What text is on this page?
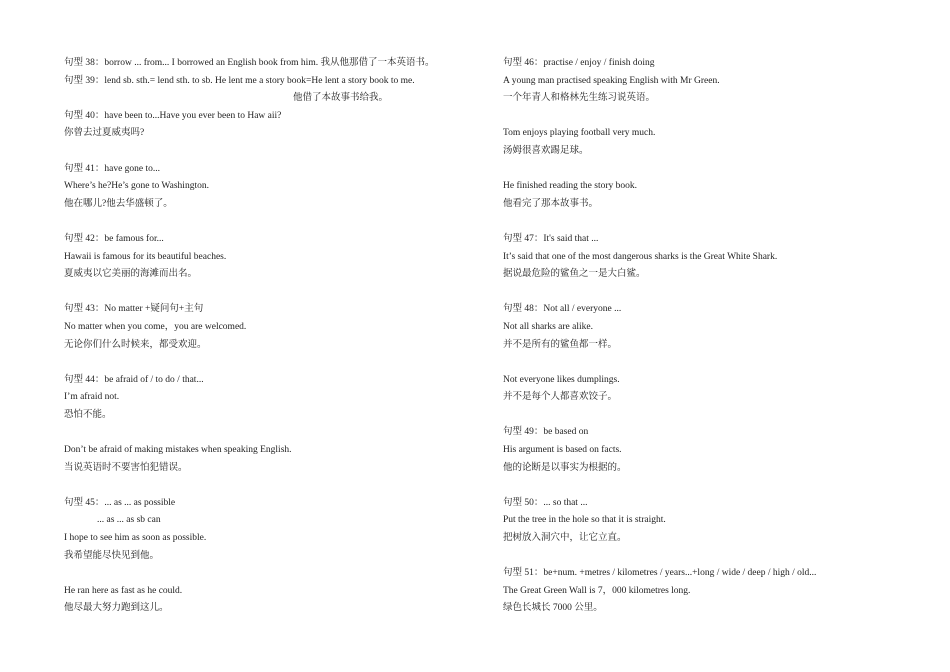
句型 38：borrow ... from... I borrowed an English book from him. 我从他那借了一本英语书。
句型 39：lend sb. sth.= lend sth. to sb. He lent me a story book=He lent a story book to me.
他借了本故事书给我。
句型 40：have been to...Have you ever been to Haw aii?
你曾去过夏威夷吗?
句型 41：have gone to...
Where’s he?He’s gone to Washington.
他在哪儿?他去华盛顿了。
句型 42：be famous for...
Hawaii is famous for its beautiful beaches.
夏威夷以它美丽的海滩而出名。
句型 43：No matter +疑问句+主句
No matter when you come，you are welcomed.
无论你们什么时候来，都受欢迎。
句型 44：be afraid of / to do / that...
I’m afraid not.
恐怕不能。
Don’t be afraid of making mistakes when speaking English.
当说英语时不要害怕犯错误。
句型 45：... as ... as possible
... as ... as sb can
I hope to see him as soon as possible.
我希望能尽快见到他。
He ran here as fast as he could.
他尽最大努力跑到这儿。
句型 46：practise / enjoy / finish doing
A young man practised speaking English with Mr Green.
一个年青人和格林先生练习说英语。
Tom enjoys playing football very much.
汤姆很喜欢踢足球。
He finished reading the story book.
他看完了那本故事书。
句型 47：It's said that ...
It’s said that one of the most dangerous sharks is the Great White Shark.
据说最危险的鲨鱼之一是大白鲨。
句型 48：Not all / everyone ...
Not all sharks are alike.
并不是所有的鲨鱼都一样。
Not everyone likes dumplings.
并不是每个人都喜欢饺子。
句型 49：be based on
His argument is based on facts.
他的论断是以事实为根据的。
句型 50：... so that ...
Put the tree in the hole so that it is straight.
把树放入洞穴中，让它立直。
句型 51：be+num. +metres / kilometres / years...+long / wide / deep / high / old...
The Great Green Wall is 7，000 kilometres long.
绿色长城长 7000 公里。
